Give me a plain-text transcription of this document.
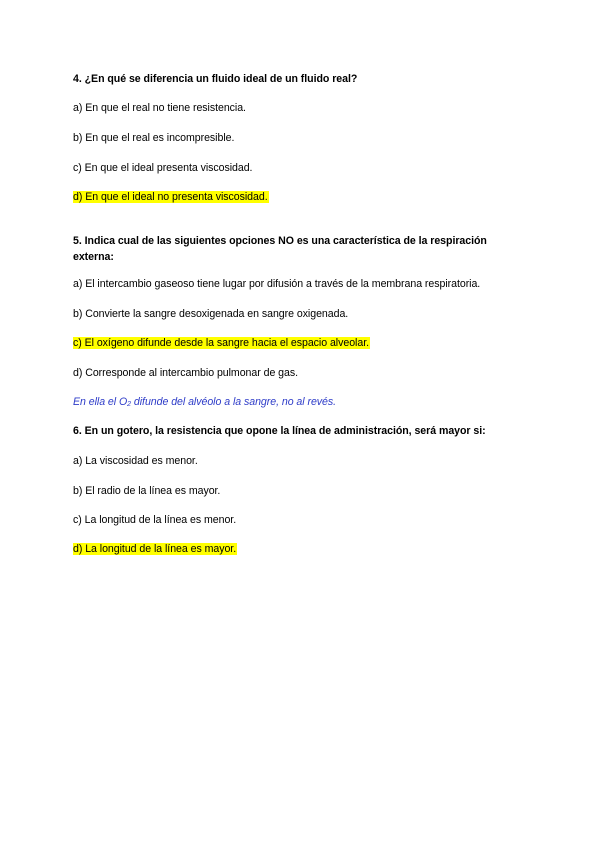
4. ¿En qué se diferencia un fluido ideal de un fluido real?
a) En que el real no tiene resistencia.
b) En que el real es incompresible.
c) En que el ideal presenta viscosidad.
d) En que el ideal no presenta viscosidad.
5. Indica cual de las siguientes opciones NO es una característica de la respiración externa:
a) El intercambio gaseoso tiene lugar por difusión a través de la membrana respiratoria.
b) Convierte la sangre desoxigenada en sangre oxigenada.
c) El oxígeno difunde desde la sangre hacia el espacio alveolar.
d) Corresponde al intercambio pulmonar de gas.
En ella el $O_2$ difunde del alvéolo a la sangre, no al revés.
6. En un gotero, la resistencia que opone la línea de administración, será mayor si:
a) La viscosidad es menor.
b) El radio de la línea es mayor.
c) La longitud de la línea es menor.
d) La longitud de la línea es mayor.
